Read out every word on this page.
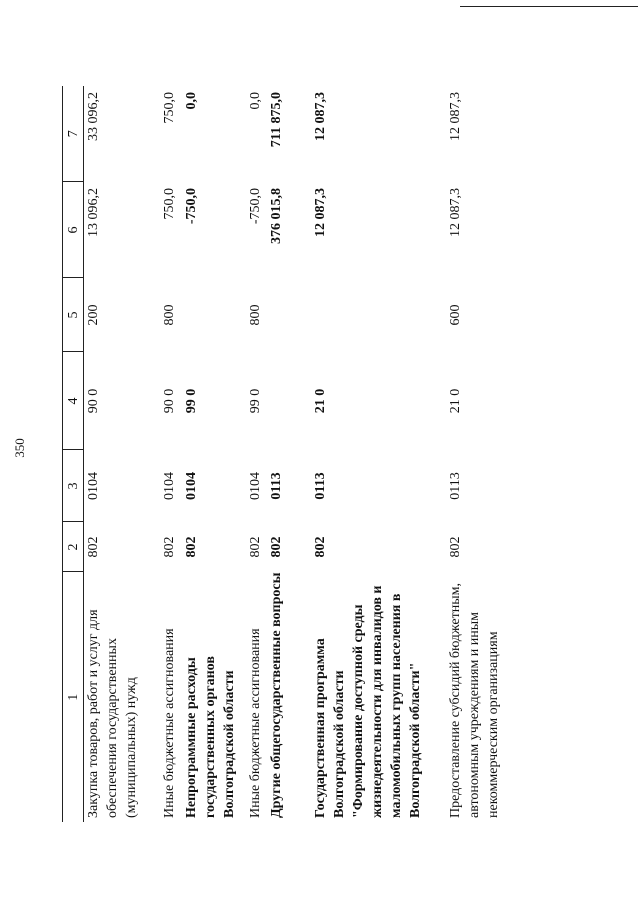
350
1	2	3	4	5	6	7
Закупка товаров, работ и услуг для обеспечения государственных (муниципальных) нужд	802	0104	90 0	200	13 096,2	33 096,2
Иные бюджетные ассигнования	802	0104	90 0	800	750,0	750,0
Непрограммные расходы государственных органов Волгоградской области	802	0104	99 0		-750,0	0,0
Иные бюджетные ассигнования	802	0104	99 0	800	-750,0	0,0
Другие общегосударственные вопросы	802	0113			376 015,8	711 875,0
Государственная программа Волгоградской области "Формирование доступной среды жизнедеятельности для инвалидов и маломобильных групп населения в Волгоградской области"	802	0113	21 0		12 087,3	12 087,3
Предоставление субсидий бюджетным, автономным учреждениям и иным некоммерческим организациям	802	0113	21 0	600	12 087,3	12 087,3
